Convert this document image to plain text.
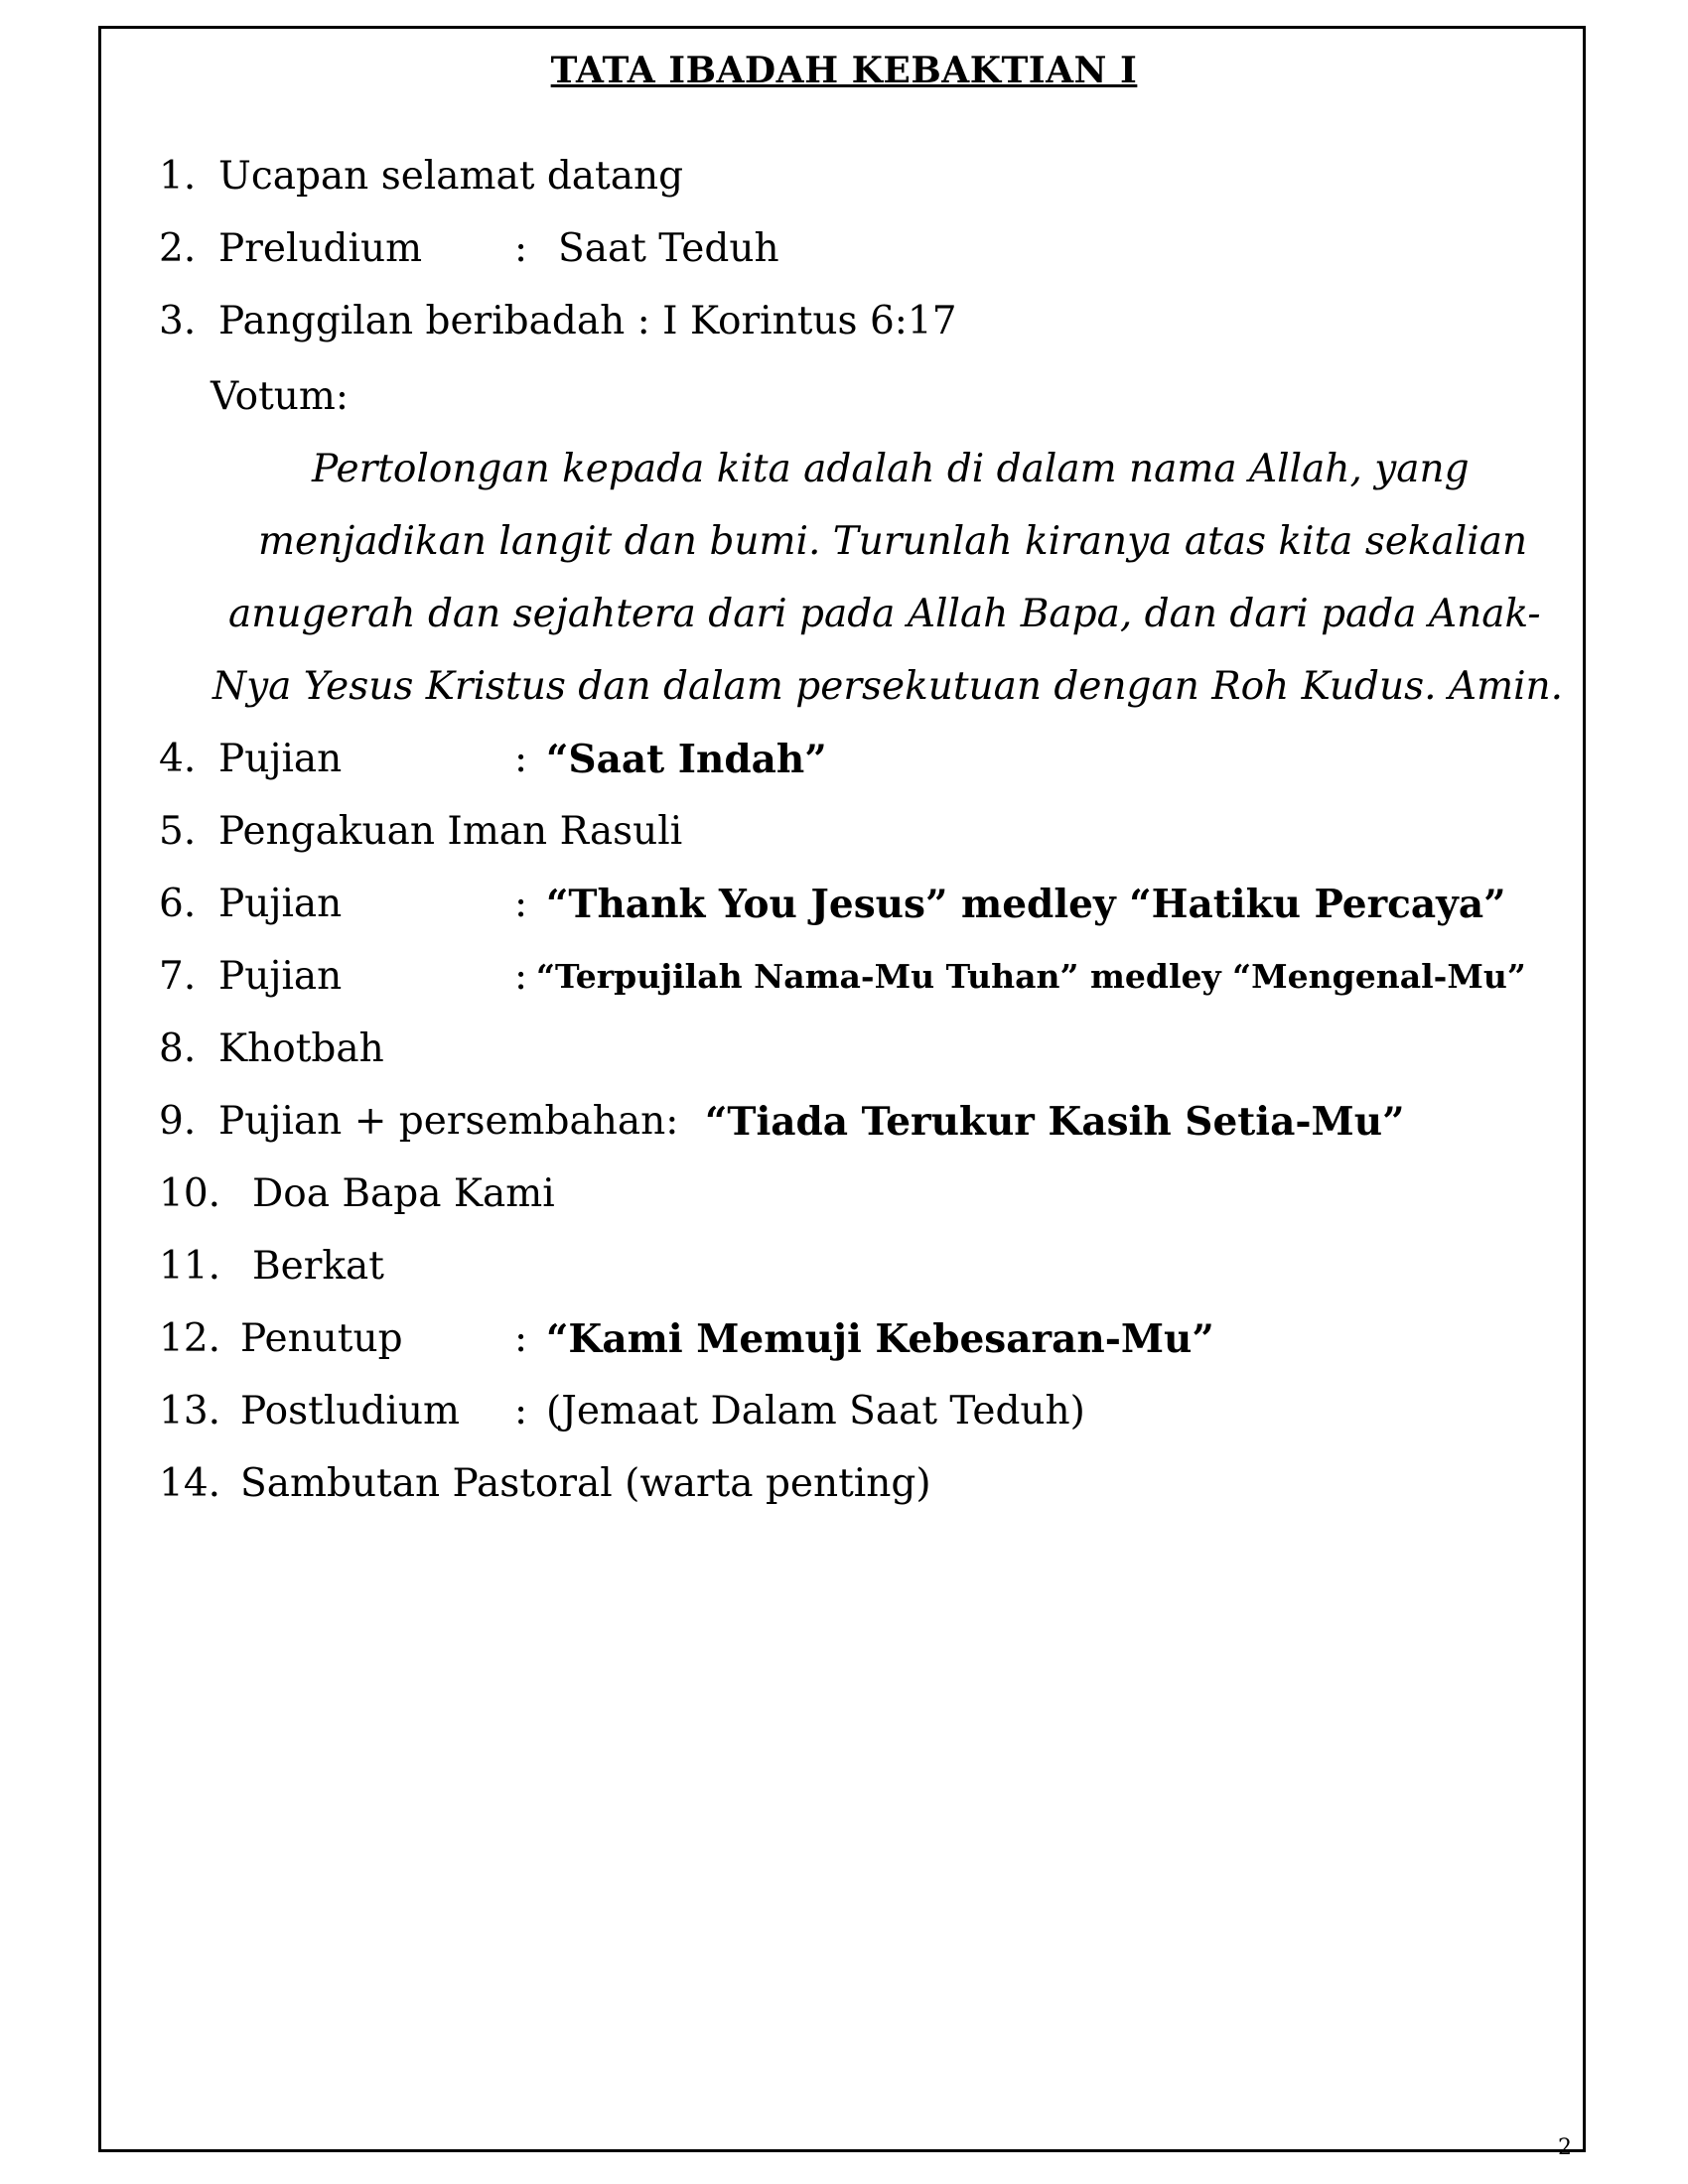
TATA IBADAH KEBAKTIAN I
1. Ucapan selamat datang
2. Preludium : Saat Teduh
3. Panggilan beribadah : I Korintus 6:17
Votum:
Pertolongan kepada kita adalah di dalam nama Allah, yang
menjadikan langit dan bumi. Turunlah kiranya atas kita sekalian
anugerah dan sejahtera dari pada Allah Bapa, dan dari pada Anak-
Nya Yesus Kristus dan dalam persekutuan dengan Roh Kudus. Amin.
4. Pujian	: “Saat Indah”
5. Pengakuan Iman Rasuli
6. Pujian	: “Thank You Jesus” medley “Hatiku Percaya”
7. Pujian	: “Terpujilah Nama-Mu Tuhan” medley “Mengenal-Mu”
8. Khotbah
9. Pujian + persembahan: “Tiada Terukur Kasih Setia-Mu”
10. Doa Bapa Kami
11. Berkat
12. Penutup	: “Kami Memuji Kebesaran-Mu”
13. Postludium : (Jemaat Dalam Saat Teduh)
14. Sambutan Pastoral (warta penting)
2
